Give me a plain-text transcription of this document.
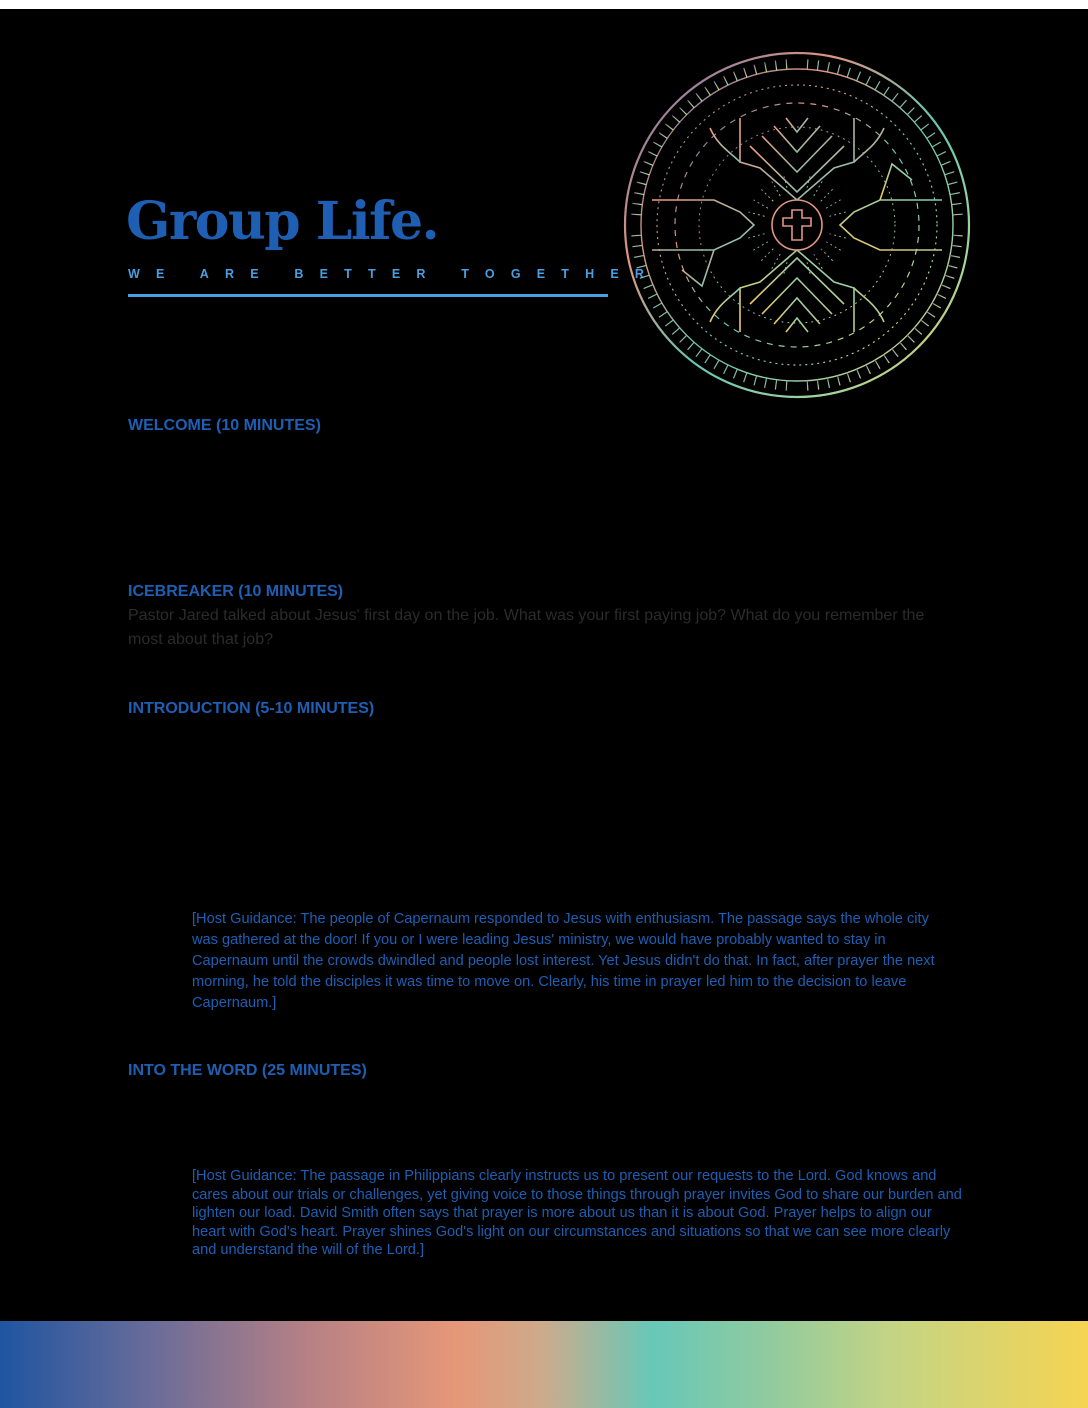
Group Life.
WE ARE BETTER TOGETHER
WELCOME (10 MINUTES)
ICEBREAKER (10 MINUTES)

Pastor Jared talked about Jesus' first day on the job. What was your first paying job? What do you remember the most about that job?

INTRODUCTION (5-10 MINUTES)

[Host Guidance: The people of Capernaum responded to Jesus with enthusiasm. The passage says the whole city was gathered at the door! If you or I were leading Jesus' ministry, we would have probably wanted to stay in Capernaum until the crowds dwindled and people lost interest. Yet Jesus didn't do that. In fact, after prayer the next morning, he told the disciples it was time to move on. Clearly, his time in prayer led him to the decision to leave Capernaum.]

INTO THE WORD (25 MINUTES)

[Host Guidance: The passage in Philippians clearly instructs us to present our requests to the Lord. God knows and cares about our trials or challenges, yet giving voice to those things through prayer invites God to share our burden and lighten our load. David Smith often says that prayer is more about us than it is about God. Prayer helps to align our heart with God's heart. Prayer shines God's light on our circumstances and situations so that we can see more clearly and understand the will of the Lord.]
